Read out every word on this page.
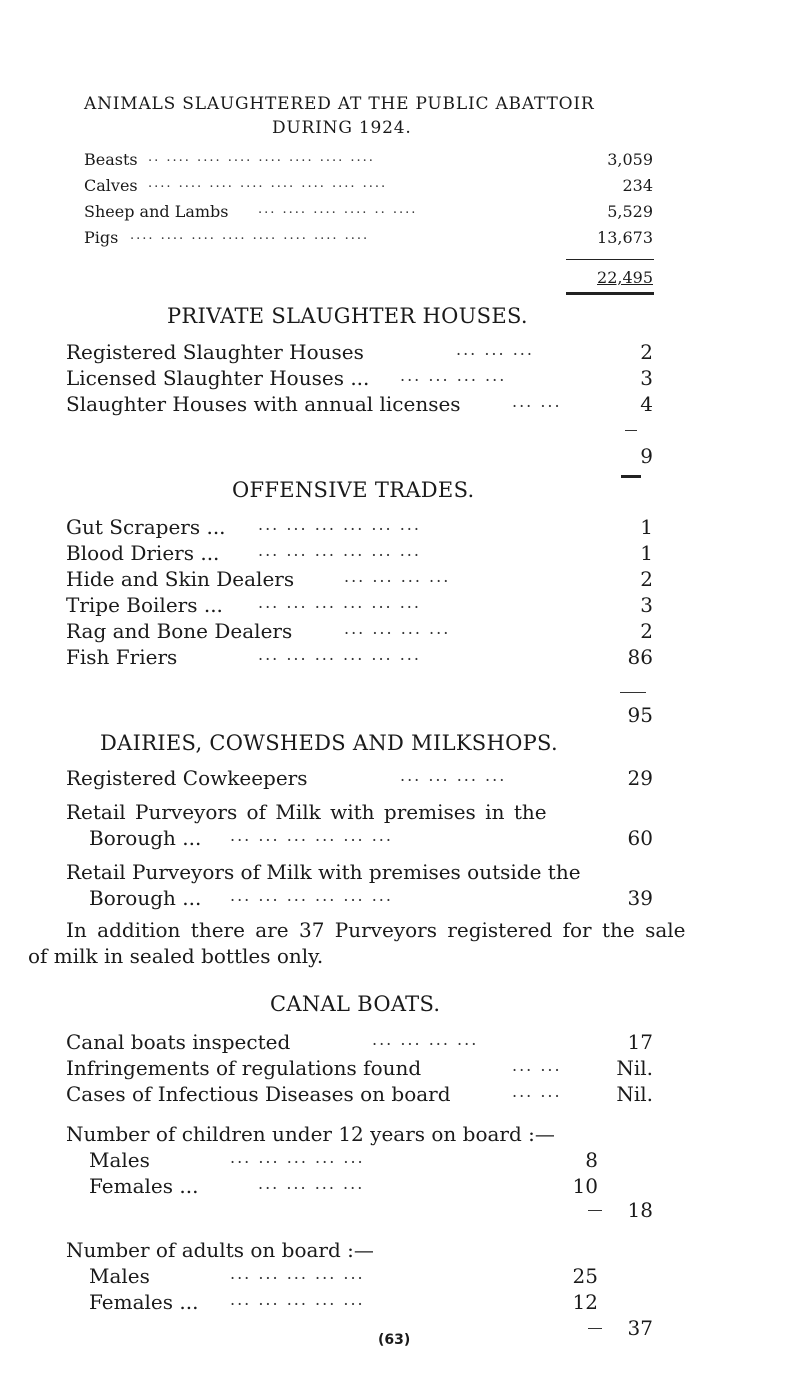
ANIMALS SLAUGHTERED AT THE PUBLIC ABATTOIR
DURING 1924.
Beasts .. .... .... .... .... .... .... ....	3,059
Calves .... .... .... .... .... .... .... ....	234
Sheep and Lambs ... .... .... .... .. ....	5,529
Pigs .... .... .... .... .... .... .... ....	13,673
22,495
PRIVATE SLAUGHTER HOUSES.
Registered Slaughter Houses	... ... ...	2
Licensed Slaughter Houses ... ... ... ... ...	3
Slaughter Houses with annual licenses	... ...	4
9
OFFENSIVE TRADES.
Gut Scrapers ... ... ... ... ... ... ...	1
Blood Driers ... ... ... ... ... ... ...	1
Hide and Skin Dealers	... ... ... ...	2
Tripe Boilers ... ... ... ... ... ... ...	3
Rag and Bone Dealers	... ... ... ...	2
Fish Friers	... ... ... ... ... ...	86
95
DAIRIES, COWSHEDS AND MILKSHOPS.
Registered Cowkeepers	... ... ... ...	29
Retail Purveyors of Milk with premises in the
Borough ... ... ... ... ... ... ...	60
Retail Purveyors of Milk with premises outside the
Borough ... ... ... ... ... ... ...	39
In addition there are 37 Purveyors registered for the sale
of milk in sealed bottles only.
CANAL BOATS.
Canal boats inspected	... ... ... ...	17
Infringements of regulations found	... ...	Nil.
Cases of Infectious Diseases on board	... ...	Nil.
Number of children under 12 years on board :—
Males	... ... ... ... ...	8
Females ...	... ... ... ...	10
18
Number of adults on board :—
Males	... ... ... ... ...	25
Females ... ... ... ... ... ...	12
37
(63)
